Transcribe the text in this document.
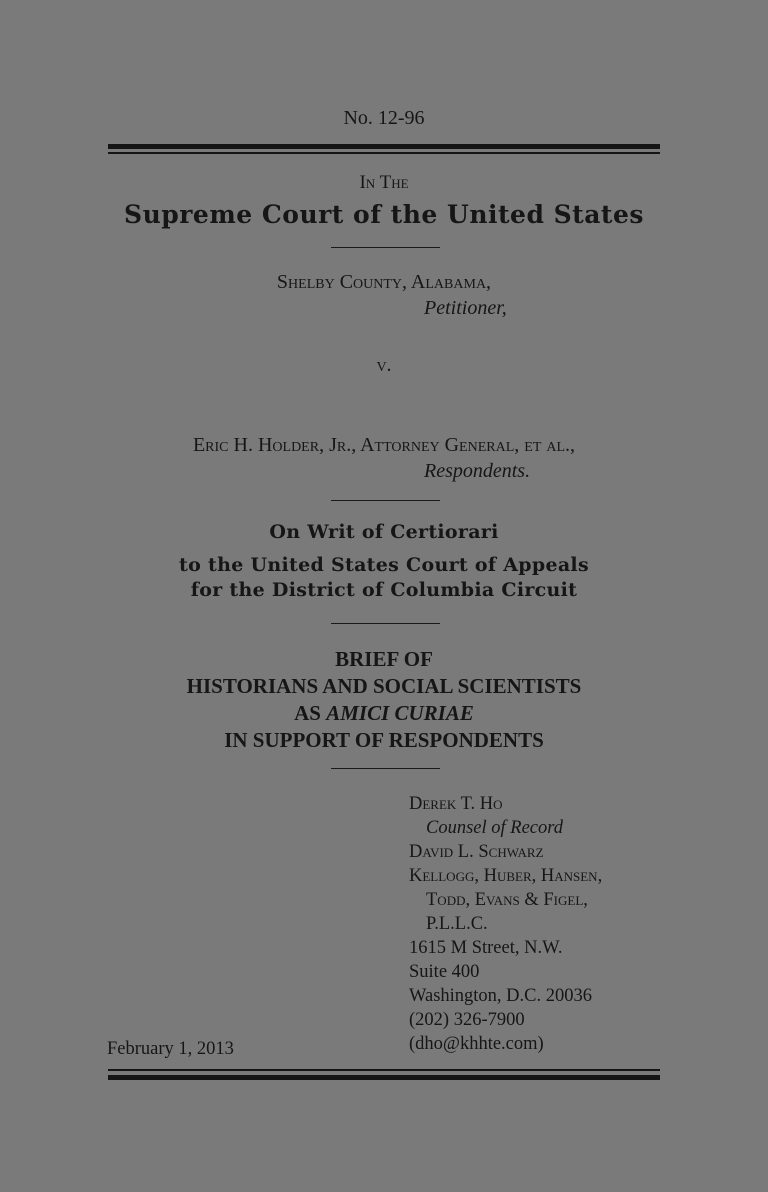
No. 12-96
In The
Supreme Court of the United States
Shelby County, Alabama,
Petitioner,
v.
Eric H. Holder, Jr., Attorney General, et al.,
Respondents.
On Writ of Certiorari
to the United States Court of Appeals
for the District of Columbia Circuit
BRIEF OF
HISTORIANS AND SOCIAL SCIENTISTS
AS AMICI CURIAE
IN SUPPORT OF RESPONDENTS
Derek T. Ho
Counsel of Record
David L. Schwarz
Kellogg, Huber, Hansen,
Todd, Evans & Figel,
P.L.L.C.
1615 M Street, N.W.
Suite 400
Washington, D.C. 20036
(202) 326-7900
(dho@khhte.com)
February 1, 2013
